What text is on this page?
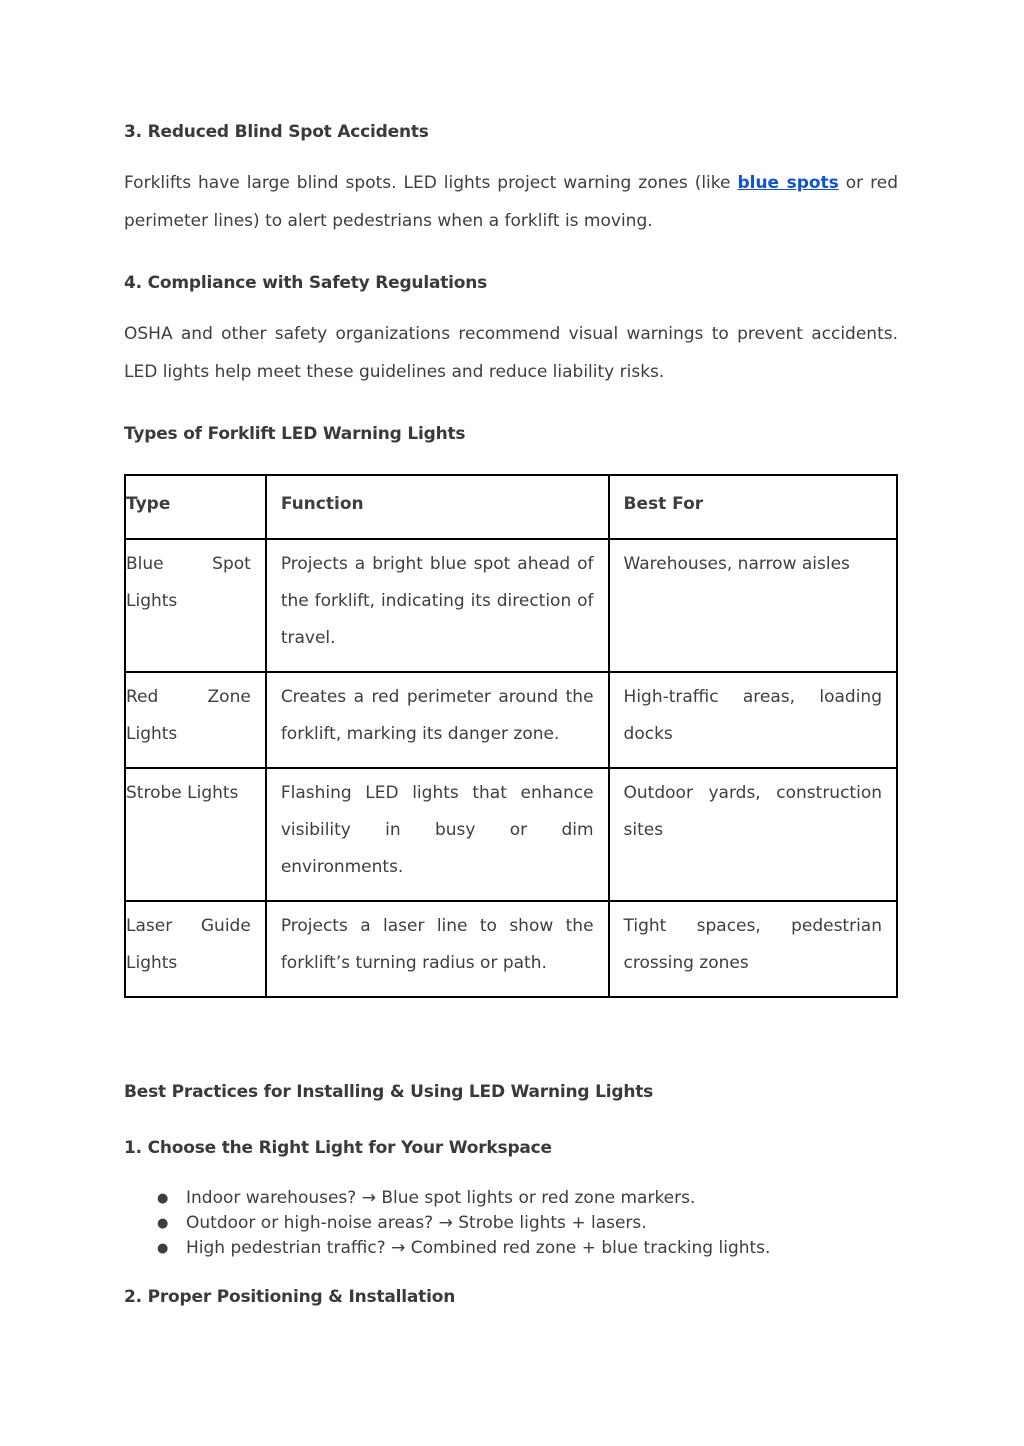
3. Reduced Blind Spot Accidents
Forklifts have large blind spots. LED lights project warning zones (like blue spots or red perimeter lines) to alert pedestrians when a forklift is moving.
4. Compliance with Safety Regulations
OSHA and other safety organizations recommend visual warnings to prevent accidents. LED lights help meet these guidelines and reduce liability risks.
Types of Forklift LED Warning Lights
Type	Function	Best For
Blue Spot Lights	Projects a bright blue spot ahead of the forklift, indicating its direction of travel.	Warehouses, narrow aisles
Red Zone Lights	Creates a red perimeter around the forklift, marking its danger zone.	High-traffic areas, loading docks
Strobe Lights	Flashing LED lights that enhance visibility in busy or dim environments.	Outdoor yards, construction sites
Laser Guide Lights	Projects a laser line to show the forklift’s turning radius or path.	Tight spaces, pedestrian crossing zones
Best Practices for Installing & Using LED Warning Lights
1. Choose the Right Light for Your Workspace
● Indoor warehouses? → Blue spot lights or red zone markers.
● Outdoor or high-noise areas? → Strobe lights + lasers.
● High pedestrian traffic? → Combined red zone + blue tracking lights.
2. Proper Positioning & Installation
